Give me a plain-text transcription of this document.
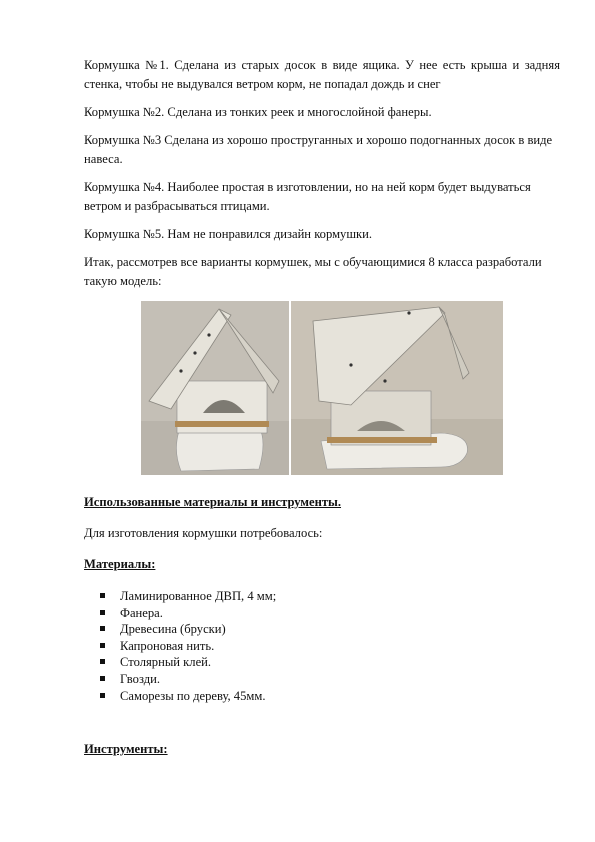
Кормушка №1. Сделана из старых досок в виде ящика. У нее есть крыша и задняя стенка, чтобы не выдувался ветром корм, не попадал дождь и снег

Кормушка №2. Сделана из тонких реек и многослойной фанеры.

Кормушка №3 Сделана из хорошо проструганных и хорошо подогнанных досок в виде навеса.

Кормушка №4. Наиболее простая в изготовлении, но на ней корм будет выдуваться ветром и разбрасываться птицами.

Кормушка №5. Нам не понравился дизайн кормушки.

Итак, рассмотрев все варианты кормушек, мы с обучающимися 8 класса разработали такую модель:

Использованные материалы и инструменты.

Для изготовления кормушки потребовалось:

Материалы:

Ламинированное ДВП, 4 мм;
Фанера.
Древесина (бруски)
Капроновая нить.
Столярный клей.
Гвозди.
Саморезы по дереву, 45мм.

Инструменты:
